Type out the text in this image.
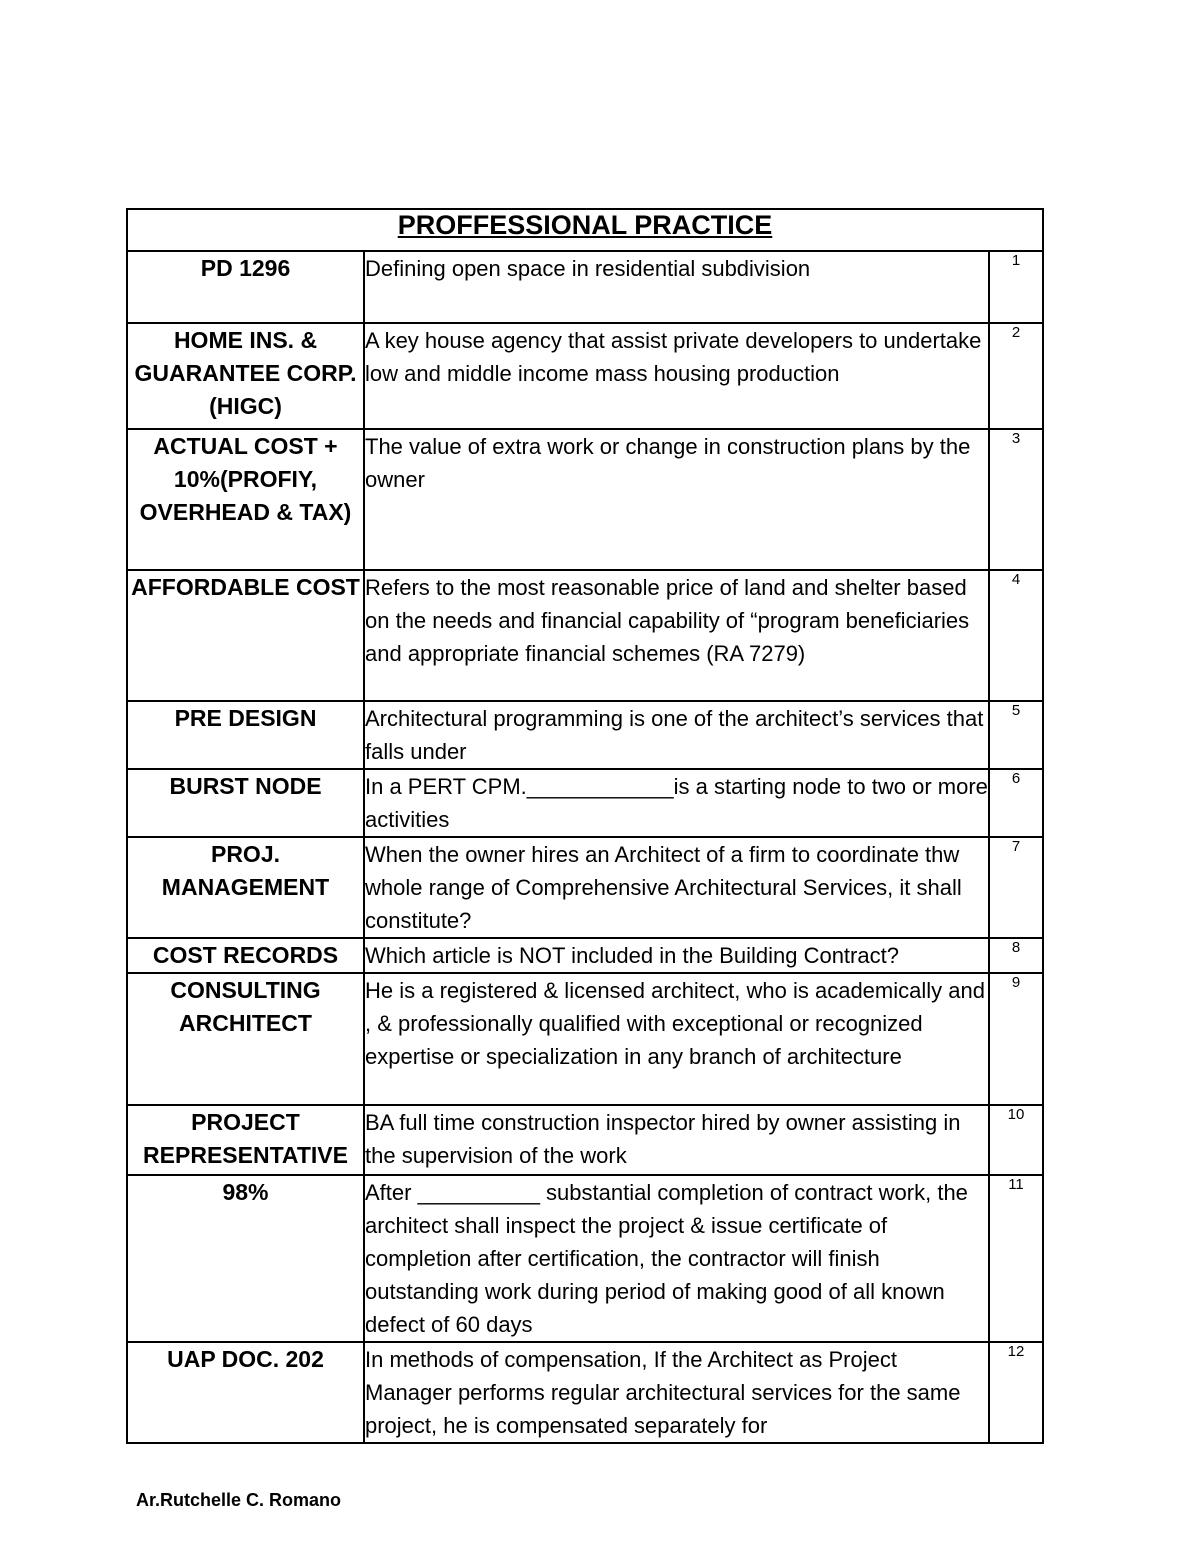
PROFFESSIONAL PRACTICE		
PD 1296	Defining open space in residential subdivision	1
HOME INS. & GUARANTEE CORP. (HIGC)	A key house agency that assist private developers to undertake low and middle income mass housing production	2
ACTUAL COST + 10%(PROFIY, OVERHEAD & TAX)	The value of extra work or change in construction plans by the owner	3
AFFORDABLE COST	Refers to the most reasonable price of land and shelter based on the needs and financial capability of “program beneficiaries and appropriate financial schemes (RA 7279)	4
PRE DESIGN	Architectural programming is one of the architect’s services that falls under	5
BURST NODE	In a PERT CPM.____________is a starting node to two or more activities	6
PROJ. MANAGEMENT	When the owner hires an Architect of a firm to coordinate thw whole range of Comprehensive Architectural Services, it shall constitute?	7
COST RECORDS	Which article is NOT included in the Building Contract?	8
CONSULTING ARCHITECT	He is a registered & licensed architect, who is academically and , & professionally qualified with exceptional or recognized expertise or specialization in any branch of architecture	9
PROJECT REPRESENTATIVE	BA full time construction inspector hired by owner assisting in the supervision of the work	10
98%	After __________ substantial completion of contract work, the architect shall inspect the project & issue certificate of completion after certification, the contractor will finish outstanding work during period of making good of all known defect of 60 days	11
UAP DOC. 202	In methods of compensation, If the Architect as Project Manager performs regular architectural services for the same project, he is compensated separately for	12
Ar.Rutchelle C. Romano
